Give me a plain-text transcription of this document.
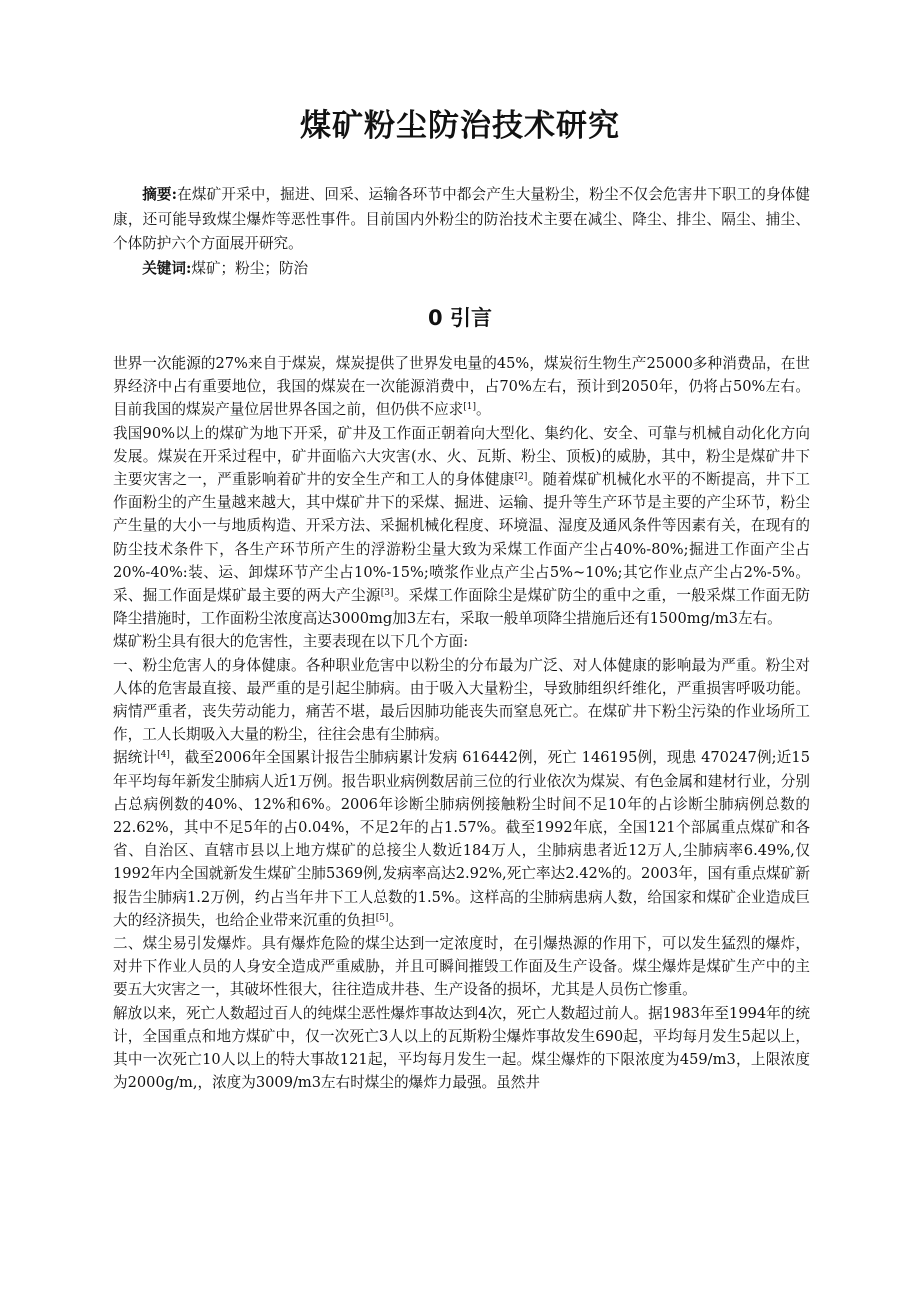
煤矿粉尘防治技术研究

摘要:在煤矿开采中，掘进、回采、运输各环节中都会产生大量粉尘，粉尘不仅会危害井下职工的身体健康，还可能导致煤尘爆炸等恶性事件。目前国内外粉尘的防治技术主要在减尘、降尘、排尘、隔尘、捕尘、个体防护六个方面展开研究。

关键词:煤矿；粉尘；防治

0 引言

世界一次能源的27%来自于煤炭，煤炭提供了世界发电量的45%，煤炭衍生物生产25000多种消费品，在世界经济中占有重要地位，我国的煤炭在一次能源消费中，占70%左右，预计到2050年，仍将占50%左右。目前我国的煤炭产量位居世界各国之前，但仍供不应求[1]。

我国90%以上的煤矿为地下开采，矿井及工作面正朝着向大型化、集约化、安全、可靠与机械自动化化方向发展。煤炭在开采过程中，矿井面临六大灾害(水、火、瓦斯、粉尘、顶板)的威胁，其中，粉尘是煤矿井下主要灾害之一，严重影响着矿井的安全生产和工人的身体健康[2]。随着煤矿机械化水平的不断提高，井下工作面粉尘的产生量越来越大，其中煤矿井下的采煤、掘进、运输、提升等生产环节是主要的产尘环节，粉尘产生量的大小一与地质构造、开采方法、采掘机械化程度、环境温、湿度及通风条件等因素有关，在现有的防尘技术条件下，各生产环节所产生的浮游粉尘量大致为采煤工作面产尘占40%-80%;掘进工作面产尘占20%-40%:装、运、卸煤环节产尘占10%-15%;喷浆作业点产尘占5%~10%;其它作业点产尘占2%-5%。采、掘工作面是煤矿最主要的两大产尘源[3]。采煤工作面除尘是煤矿防尘的重中之重，一般采煤工作面无防降尘措施时，工作面粉尘浓度高达3000mg加3左右，采取一般单项降尘措施后还有1500mg/m3左右。

煤矿粉尘具有很大的危害性，主要表现在以下几个方面:

一、粉尘危害人的身体健康。各种职业危害中以粉尘的分布最为广泛、对人体健康的影响最为严重。粉尘对人体的危害最直接、最严重的是引起尘肺病。由于吸入大量粉尘，导致肺组织纤维化，严重损害呼吸功能。病情严重者，丧失劳动能力，痛苦不堪，最后因肺功能丧失而窒息死亡。在煤矿井下粉尘污染的作业场所工作，工人长期吸入大量的粉尘，往往会患有尘肺病。

据统计[4]，截至2006年全国累计报告尘肺病累计发病 616442例，死亡 146195例，现患 470247例;近15年平均每年新发尘肺病人近1万例。报告职业病例数居前三位的行业依次为煤炭、有色金属和建材行业，分别占总病例数的40%、12%和6%。2006年诊断尘肺病例接触粉尘时间不足10年的占诊断尘肺病例总数的22.62%，其中不足5年的占0.04%，不足2年的占1.57%。截至1992年底，全国121个部属重点煤矿和各省、自治区、直辖市县以上地方煤矿的总接尘人数近184万人，尘肺病患者近12万人,尘肺病率6.49%,仅1992年内全国就新发生煤矿尘肺5369例,发病率高达2.92%,死亡率达2.42%的。2003年，国有重点煤矿新报告尘肺病1.2万例，约占当年井下工人总数的1.5%。这样高的尘肺病患病人数，给国家和煤矿企业造成巨大的经济损失，也给企业带来沉重的负担[5]。

二、煤尘易引发爆炸。具有爆炸危险的煤尘达到一定浓度时，在引爆热源的作用下，可以发生猛烈的爆炸，对井下作业人员的人身安全造成严重威胁，并且可瞬间摧毁工作面及生产设备。煤尘爆炸是煤矿生产中的主要五大灾害之一，其破坏性很大，往往造成井巷、生产设备的损坏，尤其是人员伤亡惨重。

解放以来，死亡人数超过百人的纯煤尘恶性爆炸事故达到4次，死亡人数超过前人。据1983年至1994年的统计，全国重点和地方煤矿中，仅一次死亡3人以上的瓦斯粉尘爆炸事故发生690起，平均每月发生5起以上，其中一次死亡10人以上的特大事故121起，平均每月发生一起。煤尘爆炸的下限浓度为459/m3，上限浓度为2000g/m,，浓度为3009/m3左右时煤尘的爆炸力最强。虽然井
